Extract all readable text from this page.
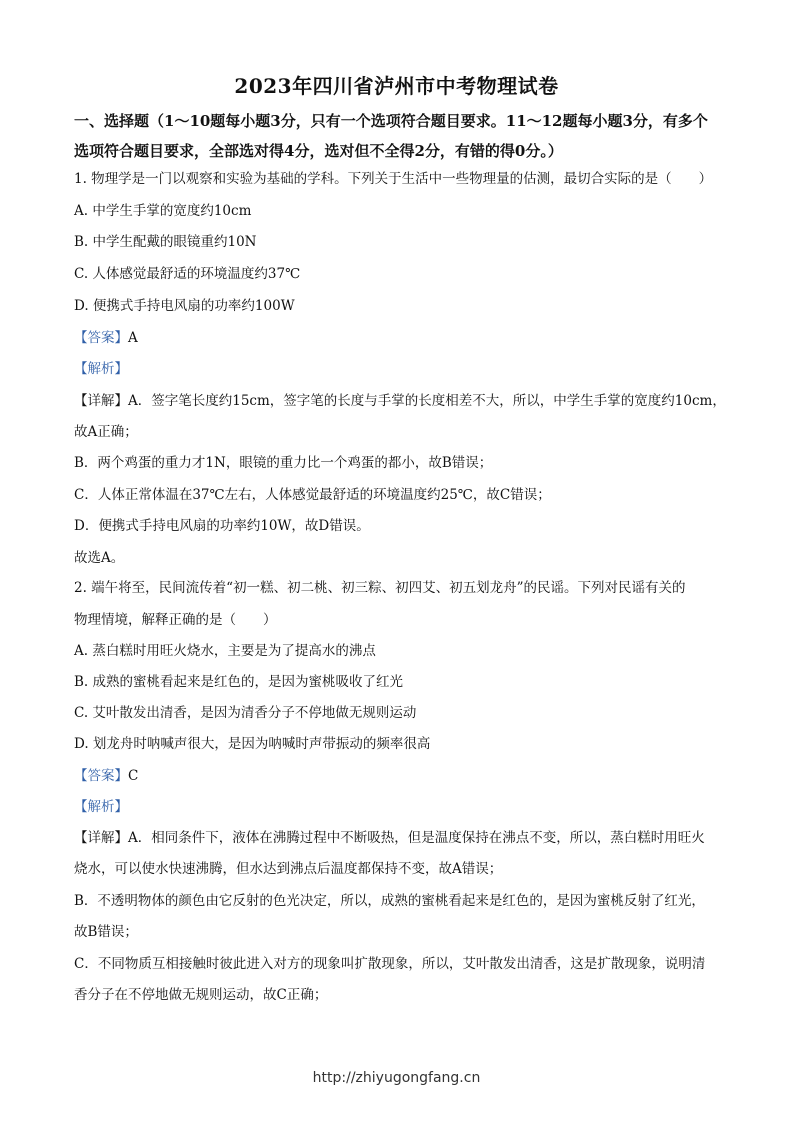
2023年四川省泸州市中考物理试卷
一、选择题（1～10题每小题3分，只有一个选项符合题目要求。11～12题每小题3分，有多个选项符合题目要求，全部选对得4分，选对但不全得2分，有错的得0分。）
1. 物理学是一门以观察和实验为基础的学科。下列关于生活中一些物理量的估测，最切合实际的是（　　）
A. 中学生手掌的宽度约10cm
B. 中学生配戴的眼镜重约10N
C. 人体感觉最舒适的环境温度约37℃
D. 便携式手持电风扇的功率约100W
【答案】A
【解析】
【详解】A．签字笔长度约15cm，签字笔的长度与手掌的长度相差不大，所以，中学生手掌的宽度约10cm，
故A正确；
B．两个鸡蛋的重力才1N，眼镜的重力比一个鸡蛋的都小，故B错误；
C．人体正常体温在37℃左右，人体感觉最舒适的环境温度约25℃，故C错误；
D．便携式手持电风扇的功率约10W，故D错误。
故选A。
2. 端午将至，民间流传着“初一糕、初二桃、初三粽、初四艾、初五划龙舟”的民谣。下列对民谣有关的
物理情境，解释正确的是（　　）
A. 蒸白糕时用旺火烧水，主要是为了提高水的沸点
B. 成熟的蜜桃看起来是红色的，是因为蜜桃吸收了红光
C. 艾叶散发出清香，是因为清香分子不停地做无规则运动
D. 划龙舟时呐喊声很大，是因为呐喊时声带振动的频率很高
【答案】C
【解析】
【详解】A．相同条件下，液体在沸腾过程中不断吸热，但是温度保持在沸点不变，所以，蒸白糕时用旺火
烧水，可以使水快速沸腾，但水达到沸点后温度都保持不变，故A错误；
B．不透明物体的颜色由它反射的色光决定，所以，成熟的蜜桃看起来是红色的，是因为蜜桃反射了红光，
故B错误；
C．不同物质互相接触时彼此进入对方的现象叫扩散现象，所以，艾叶散发出清香，这是扩散现象，说明清
香分子在不停地做无规则运动，故C正确；
http://zhiyugongfang.cn
